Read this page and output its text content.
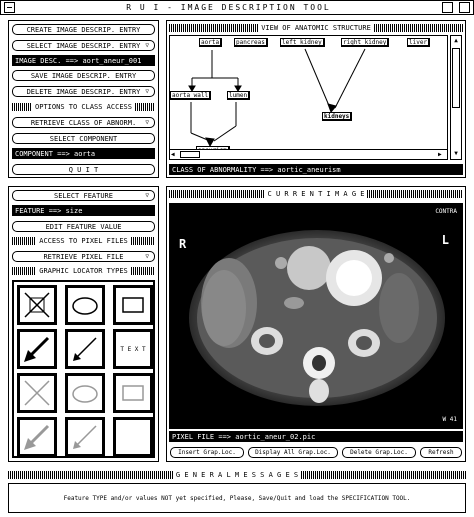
R U I - IMAGE DESCRIPTION TOOL
CREATE IMAGE DESCRIP. ENTRY
SELECT IMAGE DESCRIP. ENTRY ▽
IMAGE DESC. ==>
aort_aneur_001
SAVE IMAGE DESCRIP. ENTRY
DELETE IMAGE DESCRIP. ENTRY ▽
OPTIONS TO CLASS ACCESS
RETRIEVE CLASS OF ABNORM. ▽
SELECT COMPONENT
COMPONENT ==>
aorta
Q U I T
VIEW OF ANATOMIC STRUCTURE
aorta	pancreas	left_kidney	right_kidney	liver
aorta_wall	lumen
kidneys
▲
▼
◀	▶
CLASS OF ABNORMALITY ==>
aortic_aneurism
SELECT FEATURE	▽
FEATURE ==>
size
EDIT FEATURE VALUE
ACCESS TO PIXEL FILES
RETRIEVE PIXEL FILE	▽
GRAPHIC LOCATOR TYPES
T E X T
C U R R E N T I M A G E
R	L
CONTRA
W 41
PIXEL FILE ==>
aortic_aneur_02.pic
Insert Grap.Loc.	Display All Grap.Loc.	Delete Grap.Loc.	Refresh
G E N E R A L M E S S A G E S
Feature TYPE and/or values NOT yet specified, Please, Save/Quit and load the SPECIFICATION TOOL.
